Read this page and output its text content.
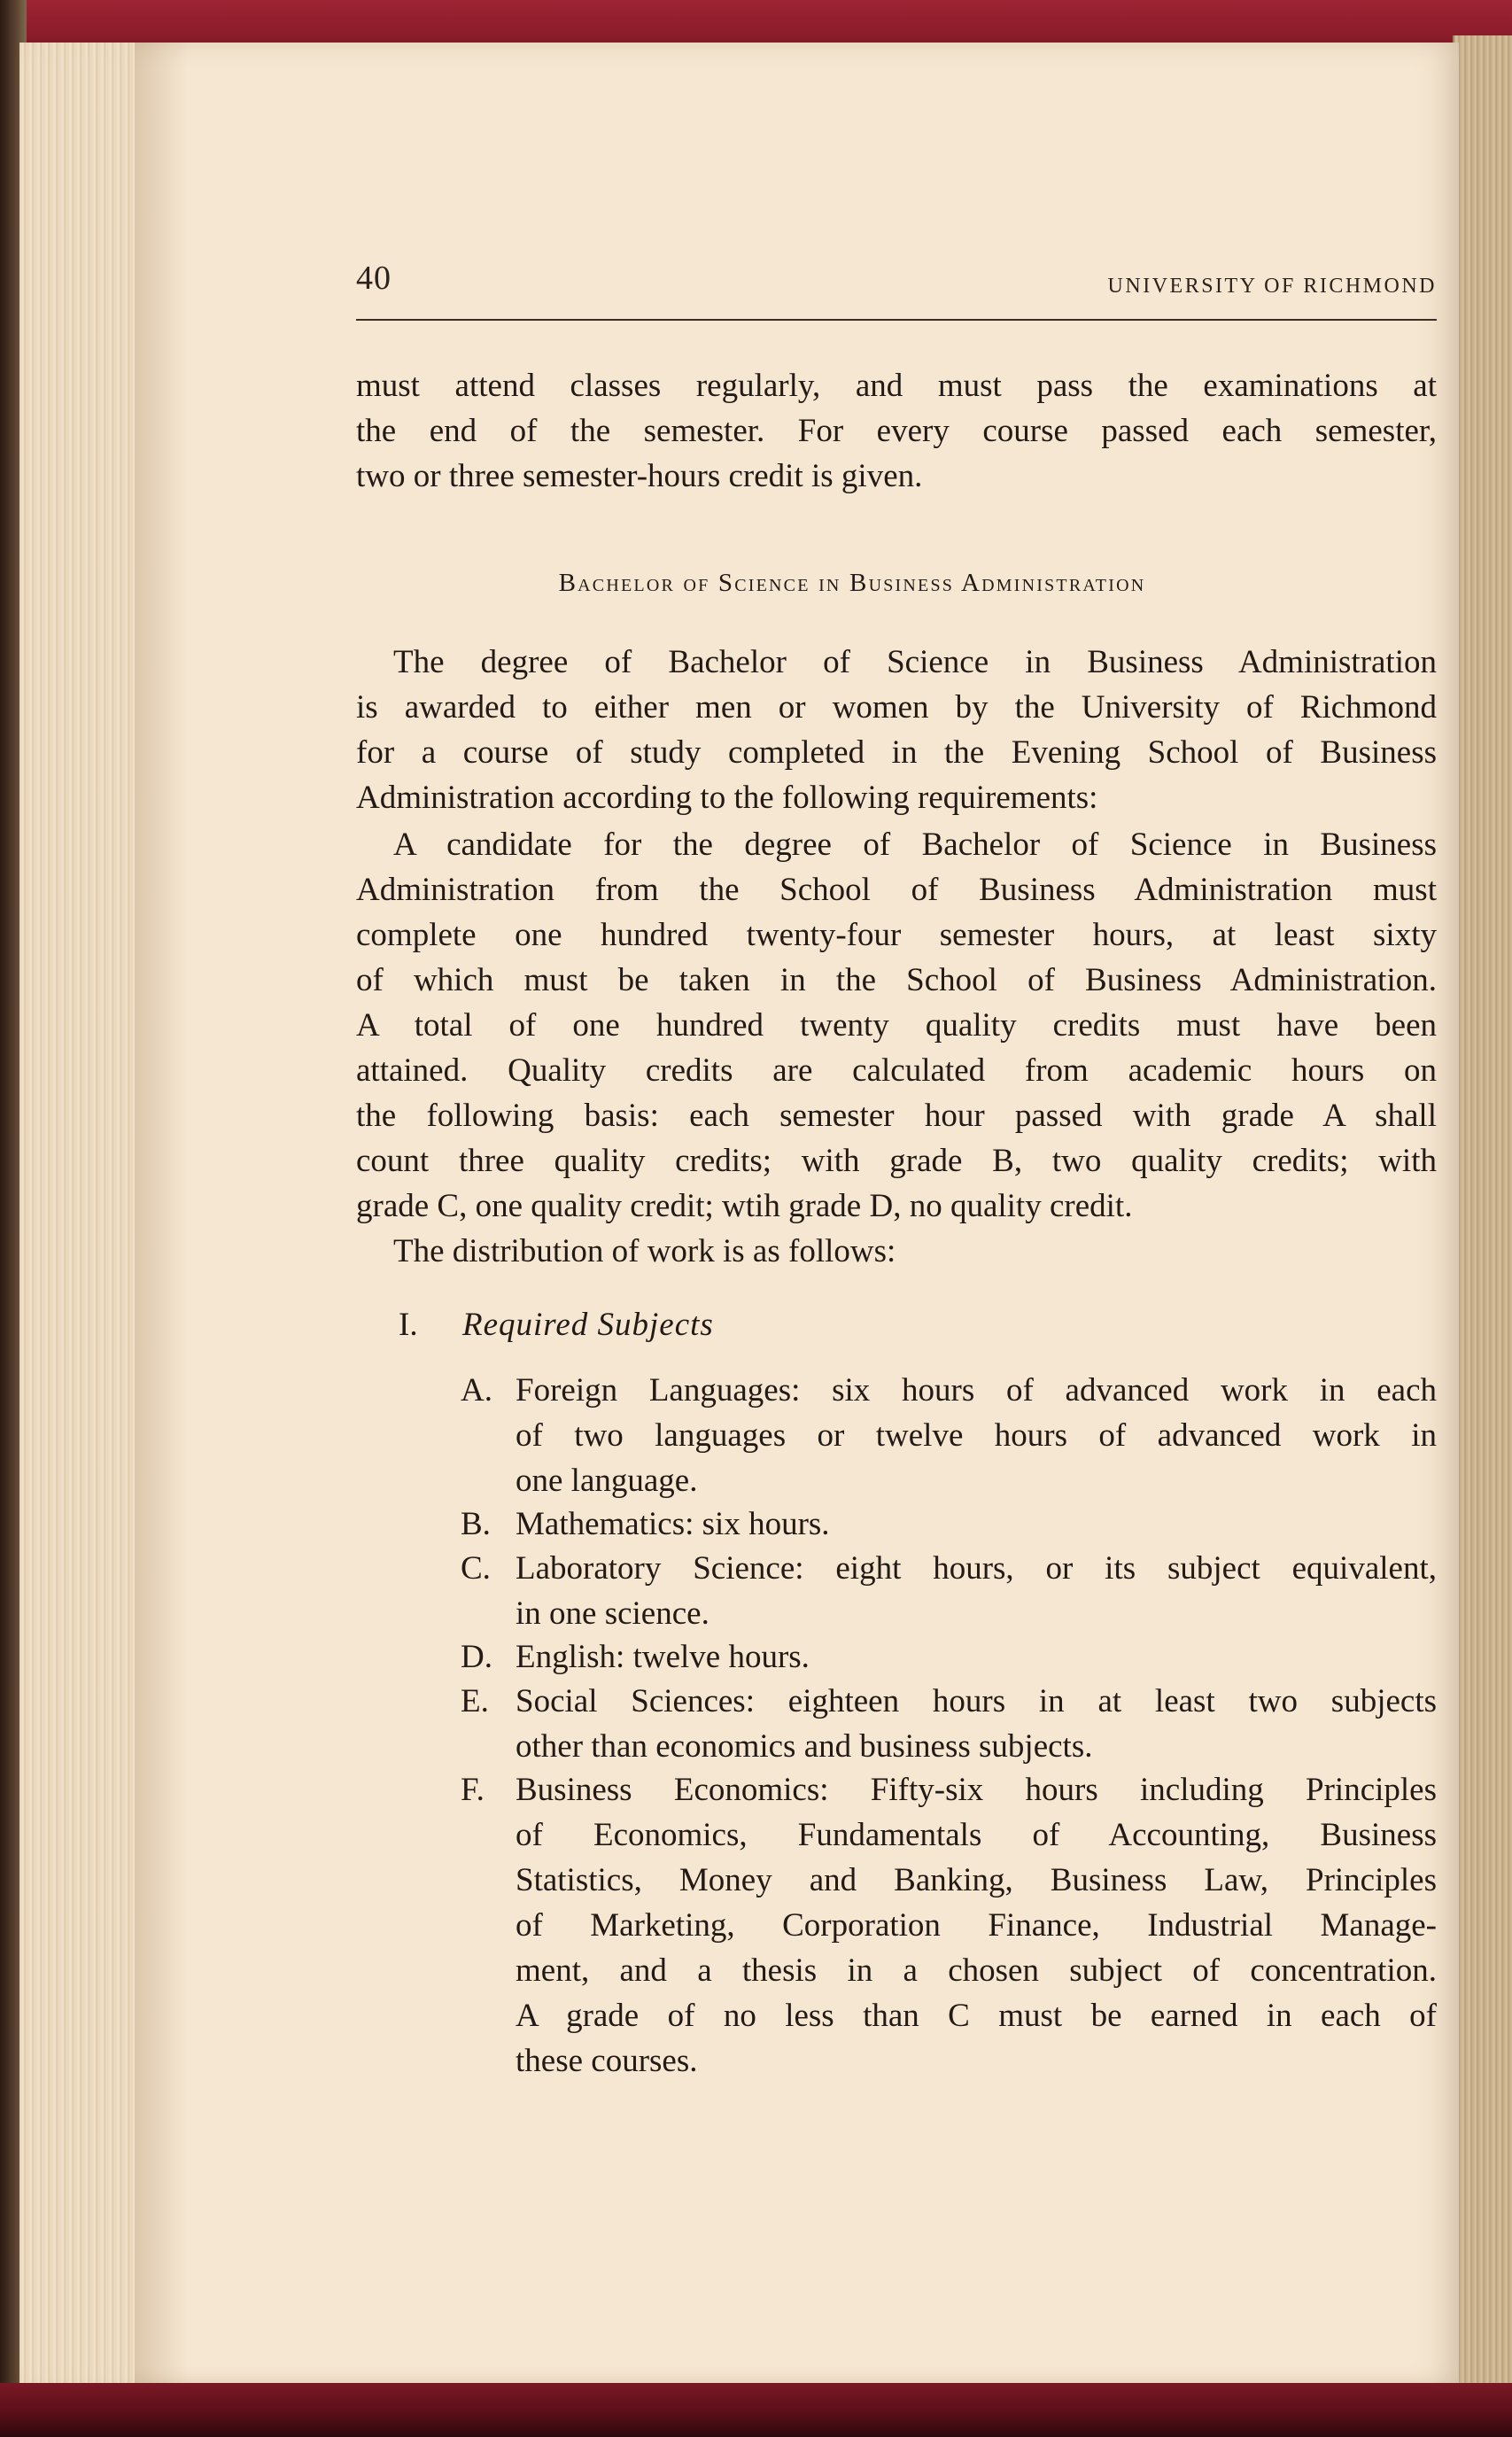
40	UNIVERSITY OF RICHMOND
must attend classes regularly, and must pass the examinations at
the end of the semester. For every course passed each semester,
two or three semester-hours credit is given.
Bachelor of Science in Business Administration
The degree of Bachelor of Science in Business Administration
is awarded to either men or women by the University of Richmond
for a course of study completed in the Evening School of Business
Administration according to the following requirements:
A candidate for the degree of Bachelor of Science in Business
Administration from the School of Business Administration must
complete one hundred twenty-four semester hours, at least sixty
of which must be taken in the School of Business Administration.
A total of one hundred twenty quality credits must have been
attained. Quality credits are calculated from academic hours on
the following basis: each semester hour passed with grade A shall
count three quality credits; with grade B, two quality credits; with
grade C, one quality credit; wtih grade D, no quality credit.
The distribution of work is as follows:
I. Required Subjects
A. Foreign Languages: six hours of advanced work in each
of two languages or twelve hours of advanced work in
one language.
B. Mathematics: six hours.
C. Laboratory Science: eight hours, or its subject equivalent,
in one science.
D. English: twelve hours.
E. Social Sciences: eighteen hours in at least two subjects
other than economics and business subjects.
F. Business Economics: Fifty-six hours including Principles
of Economics, Fundamentals of Accounting, Business
Statistics, Money and Banking, Business Law, Principles
of Marketing, Corporation Finance, Industrial Manage-
ment, and a thesis in a chosen subject of concentration.
A grade of no less than C must be earned in each of
these courses.
